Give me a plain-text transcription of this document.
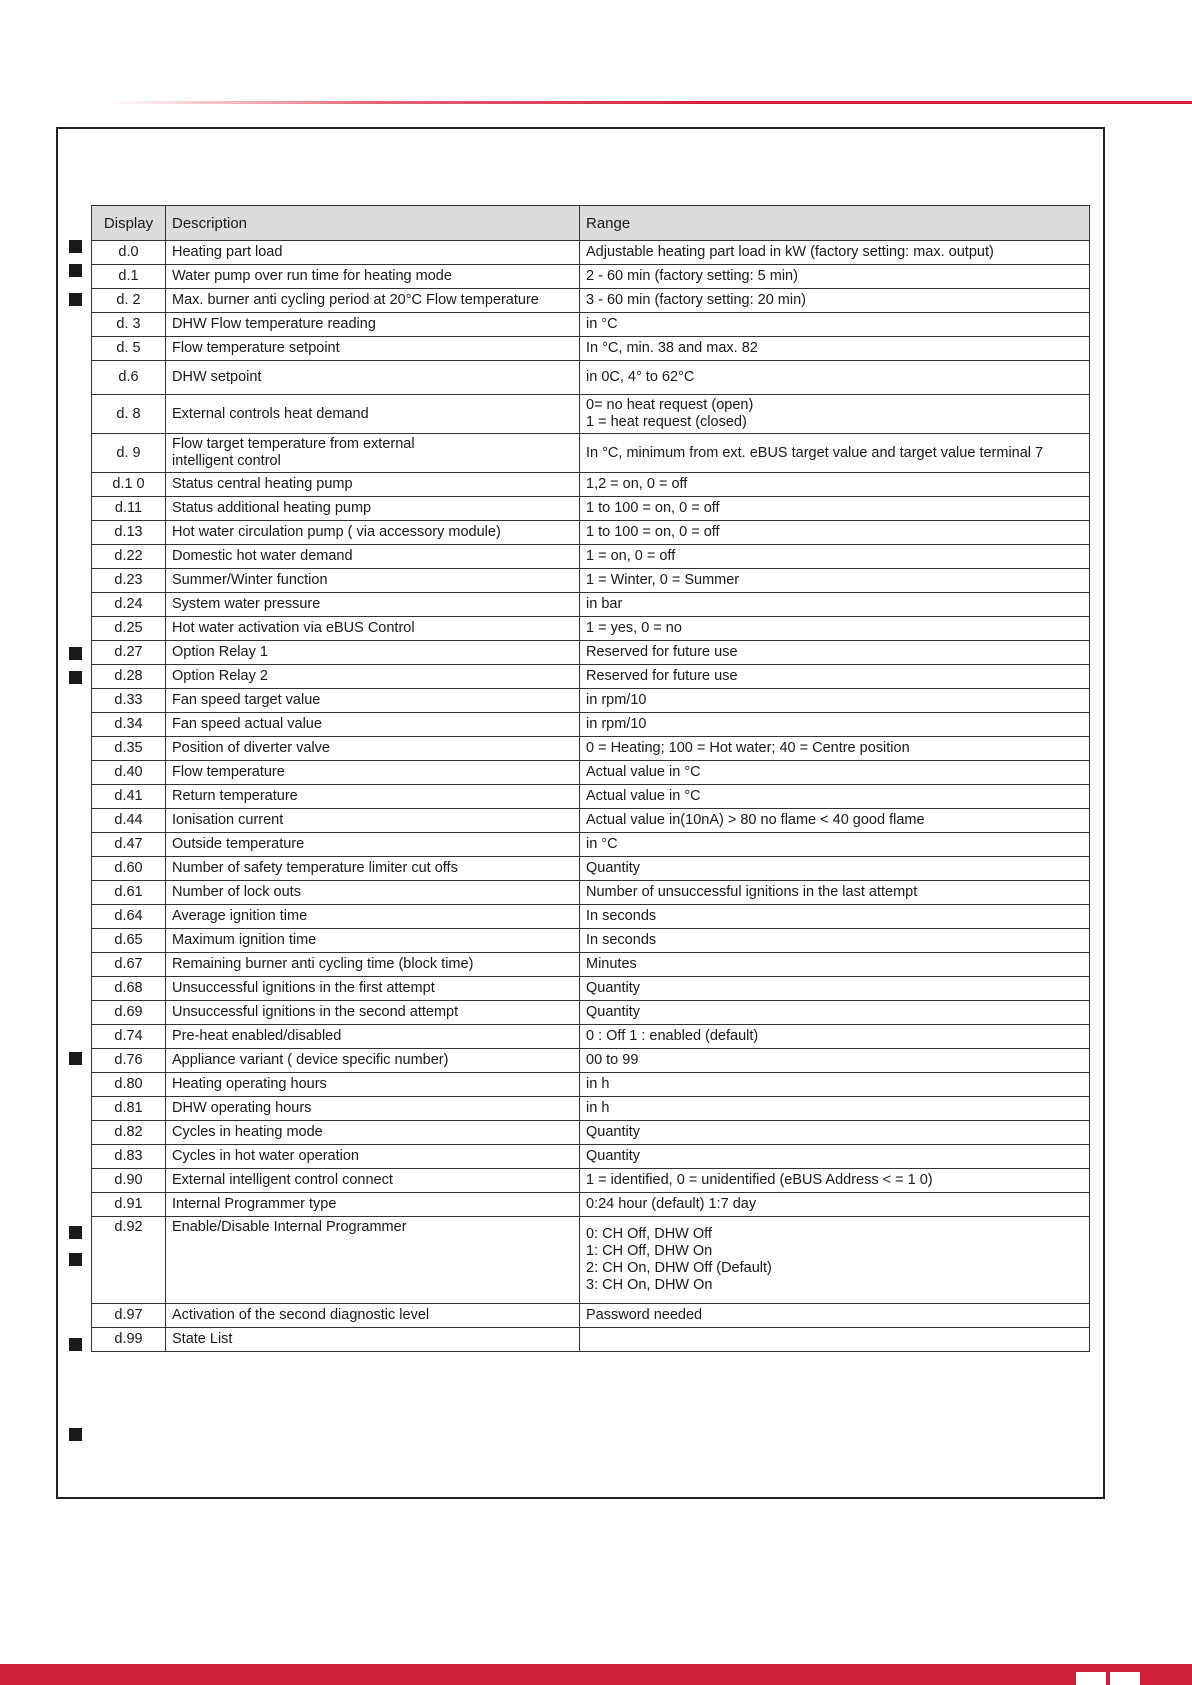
Display	Description	Range
d.0	Heating part load	Adjustable heating part load in kW (factory setting: max. output)
d.1	Water pump over run time for heating mode	2 - 60 min (factory setting: 5 min)
d. 2	Max. burner anti cycling period at 20°C Flow temperature	3 - 60 min (factory setting: 20 min)
d. 3	DHW Flow temperature reading	in °C
d. 5	Flow temperature setpoint	In °C, min. 38 and max. 82
d.6	DHW setpoint	in 0C, 4° to 62°C
d. 8	External controls heat demand	0= no heat request (open)
1 = heat request (closed)
d. 9	Flow target temperature from external
intelligent control	In °C, minimum from ext. eBUS target value and target value terminal 7
d.1 0	Status central heating pump	1,2 = on, 0 = off
d.11	Status additional heating pump	1 to 100 = on, 0 = off
d.13	Hot water circulation pump ( via accessory module)	1 to 100 = on, 0 = off
d.22	Domestic hot water demand	1 = on, 0 = off
d.23	Summer/Winter function	1 = Winter, 0 = Summer
d.24	System water pressure	in bar
d.25	Hot water activation via eBUS Control	1 = yes, 0 = no
d.27	Option Relay 1	Reserved for future use
d.28	Option Relay 2	Reserved for future use
d.33	Fan speed target value	in rpm/10
d.34	Fan speed actual value	in rpm/10
d.35	Position of diverter valve	0 = Heating; 100 = Hot water; 40 = Centre position
d.40	Flow temperature	Actual value in °C
d.41	Return temperature	Actual value in °C
d.44	Ionisation current	Actual value in(10nA) > 80 no flame < 40 good flame
d.47	Outside temperature	in °C
d.60	Number of safety temperature limiter cut offs	Quantity
d.61	Number of lock outs	Number of unsuccessful ignitions in the last attempt
d.64	Average ignition time	In seconds
d.65	Maximum ignition time	In seconds
d.67	Remaining burner anti cycling time (block time)	Minutes
d.68	Unsuccessful ignitions in the first attempt	Quantity
d.69	Unsuccessful ignitions in the second attempt	Quantity
d.74	Pre-heat enabled/disabled	0 : Off 1 : enabled (default)
d.76	Appliance variant ( device specific number)	00 to 99
d.80	Heating operating hours	in h
d.81	DHW operating hours	in h
d.82	Cycles in heating mode	Quantity
d.83	Cycles in hot water operation	Quantity
d.90	External intelligent control connect	1 = identified, 0 = unidentified (eBUS Address < = 1 0)
d.91	Internal Programmer type	0:24 hour (default) 1:7 day
d.92	Enable/Disable Internal Programmer	0: CH Off, DHW Off
1: CH Off, DHW On
2: CH On, DHW Off (Default)
3: CH On, DHW On
d.97	Activation of the second diagnostic level	Password needed
d.99	State List	
